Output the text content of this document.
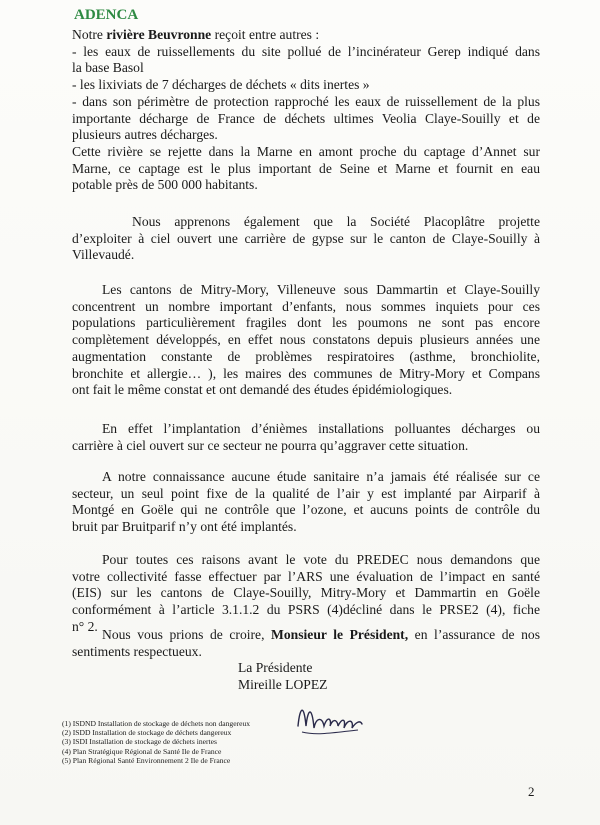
ADENCA
Notre rivière Beuvronne reçoit entre autres :
- les eaux de ruissellements du site pollué de l’incinérateur Gerep indiqué dans
la base Basol
- les lixiviats de 7 décharges de déchets « dits inertes »
- dans son périmètre de protection rapproché les eaux de ruissellement de la plus
importante décharge de France de déchets ultimes Veolia Claye-Souilly et de
plusieurs autres décharges.
Cette rivière se rejette dans la Marne en amont proche du captage d’Annet sur
Marne, ce captage est le plus important de Seine et Marne et fournit en eau
potable près de 500 000 habitants.
Nous apprenons également que la Société Placoplâtre projette
d’exploiter à ciel ouvert une carrière de gypse sur le canton de Claye-Souilly à
Villevaudé.
Les cantons de Mitry-Mory, Villeneuve sous Dammartin et Claye-Souilly
concentrent un nombre important d’enfants, nous sommes inquiets pour ces
populations particulièrement fragiles dont les poumons ne sont pas encore
complètement développés, en effet nous constatons depuis plusieurs années une
augmentation constante de problèmes respiratoires (asthme, bronchiolite,
bronchite et allergie… ), les maires des communes de Mitry-Mory et Compans
ont fait le même constat et ont demandé des études épidémiologiques.
En effet l’implantation d’énièmes installations polluantes décharges ou
carrière à ciel ouvert sur ce secteur ne pourra qu’aggraver cette situation.
A notre connaissance aucune étude sanitaire n’a jamais été réalisée sur ce
secteur, un seul point fixe de la qualité de l’air y est implanté par Airparif à
Montgé en Goële qui ne contrôle que l’ozone, et aucuns points de contrôle du
bruit par Bruitparif n’y ont été implantés.
Pour toutes ces raisons avant le vote du PREDEC nous demandons que
votre collectivité fasse effectuer par l’ARS une évaluation de l’impact en santé
(EIS) sur les cantons de Claye-Souilly, Mitry-Mory et Dammartin en Goële
conformément à l’article 3.1.1.2 du PSRS (4)décliné dans le PRSE2 (4), fiche
n° 2.
Nous vous prions de croire, Monsieur le Président, en l’assurance de nos
sentiments respectueux.
La Présidente
Mireille LOPEZ
(1) ISDND Installation de stockage de déchets non dangereux
(2) ISDD Installation de stockage de déchets dangereux
(3) ISDI Installation de stockage de déchets inertes
(4) Plan Stratégique Régional de Santé Ile de France
(5) Plan Régional Santé Environnement 2 Ile de France
2
